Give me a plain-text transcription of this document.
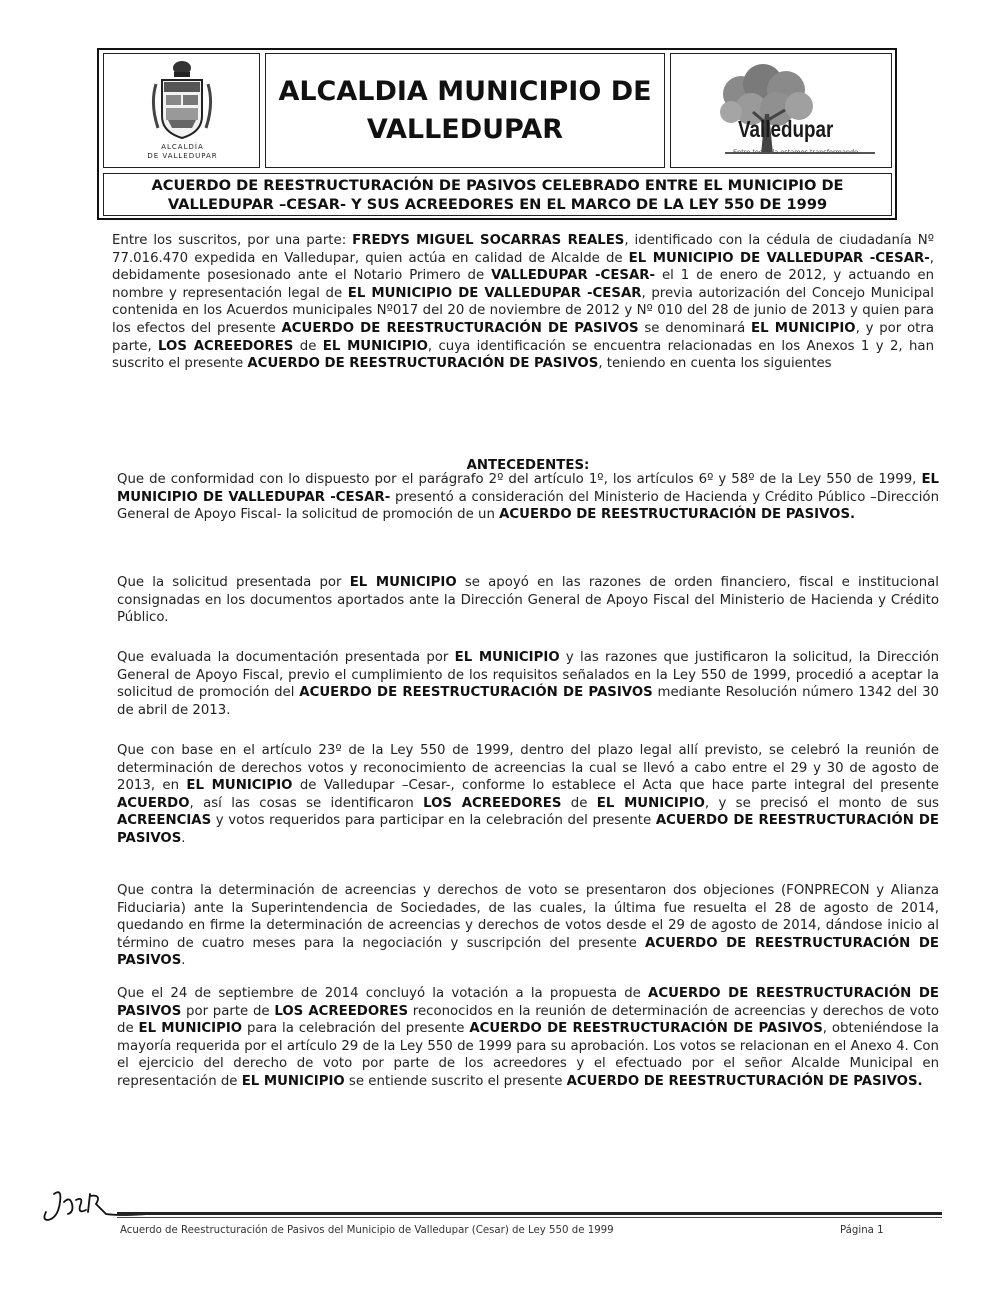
ALCALDÍA
DE VALLEDUPAR
ALCALDIA MUNICIPIO DE
VALLEDUPAR	Valledupar
Entre todos la estamos transformando
ACUERDO DE REESTRUCTURACIÓN DE PASIVOS CELEBRADO ENTRE EL MUNICIPIO DE
VALLEDUPAR –CESAR- Y SUS ACREEDORES EN EL MARCO DE LA LEY 550 DE 1999
Entre los suscritos, por una parte: FREDYS MIGUEL SOCARRAS REALES, identificado con la cédula de ciudadanía Nº 77.016.470 expedida en Valledupar, quien actúa en calidad de Alcalde de EL MUNICIPIO DE VALLEDUPAR -CESAR-, debidamente posesionado ante el Notario Primero de VALLEDUPAR -CESAR- el 1 de enero de 2012, y actuando en nombre y representación legal de EL MUNICIPIO DE VALLEDUPAR -CESAR, previa autorización del Concejo Municipal contenida en los Acuerdos municipales Nº017 del 20 de noviembre de 2012 y Nº 010 del 28 de junio de 2013 y quien para los efectos del presente ACUERDO DE REESTRUCTURACIÓN DE PASIVOS se denominará EL MUNICIPIO, y por otra parte, LOS ACREEDORES de EL MUNICIPIO, cuya identificación se encuentra relacionadas en los Anexos 1 y 2, han suscrito el presente ACUERDO DE REESTRUCTURACIÓN DE PASIVOS, teniendo en cuenta los siguientes
ANTECEDENTES:
Que de conformidad con lo dispuesto por el parágrafo 2º del artículo 1º, los artículos 6º y 58º de la Ley 550 de 1999, EL MUNICIPIO DE VALLEDUPAR -CESAR- presentó a consideración del Ministerio de Hacienda y Crédito Público –Dirección General de Apoyo Fiscal- la solicitud de promoción de un ACUERDO DE REESTRUCTURACIÓN DE PASIVOS.
Que la solicitud presentada por EL MUNICIPIO se apoyó en las razones de orden financiero, fiscal e institucional consignadas en los documentos aportados ante la Dirección General de Apoyo Fiscal del Ministerio de Hacienda y Crédito Público.
Que evaluada la documentación presentada por EL MUNICIPIO y las razones que justificaron la solicitud, la Dirección General de Apoyo Fiscal, previo el cumplimiento de los requisitos señalados en la Ley 550 de 1999, procedió a aceptar la solicitud de promoción del ACUERDO DE REESTRUCTURACIÓN DE PASIVOS mediante Resolución número 1342 del 30 de abril de 2013.
Que con base en el artículo 23º de la Ley 550 de 1999, dentro del plazo legal allí previsto, se celebró la reunión de determinación de derechos votos y reconocimiento de acreencias la cual se llevó a cabo entre el 29 y 30 de agosto de 2013, en EL MUNICIPIO de Valledupar –Cesar-, conforme lo establece el Acta que hace parte integral del presente ACUERDO, así las cosas se identificaron LOS ACREEDORES de EL MUNICIPIO, y se precisó el monto de sus ACREENCIAS y votos requeridos para participar en la celebración del presente ACUERDO DE REESTRUCTURACIÓN DE PASIVOS.
Que contra la determinación de acreencias y derechos de voto se presentaron dos objeciones (FONPRECON y Alianza Fiduciaria) ante la Superintendencia de Sociedades, de las cuales, la última fue resuelta el 28 de agosto de 2014, quedando en firme la determinación de acreencias y derechos de votos desde el 29 de agosto de 2014, dándose inicio al término de cuatro meses para la negociación y suscripción del presente ACUERDO DE REESTRUCTURACIÓN DE PASIVOS.
Que el 24 de septiembre de 2014 concluyó la votación a la propuesta de ACUERDO DE REESTRUCTURACIÓN DE PASIVOS por parte de LOS ACREEDORES reconocidos en la reunión de determinación de acreencias y derechos de voto de EL MUNICIPIO para la celebración del presente ACUERDO DE REESTRUCTURACIÓN DE PASIVOS, obteniéndose la mayoría requerida por el artículo 29 de la Ley 550 de 1999 para su aprobación. Los votos se relacionan en el Anexo 4. Con el ejercicio del derecho de voto por parte de los acreedores y el efectuado por el señor Alcalde Municipal en representación de EL MUNICIPIO se entiende suscrito el presente ACUERDO DE REESTRUCTURACIÓN DE PASIVOS.
Acuerdo de Reestructuración de Pasivos del Municipio de Valledupar (Cesar) de Ley 550 de 1999	Página 1
